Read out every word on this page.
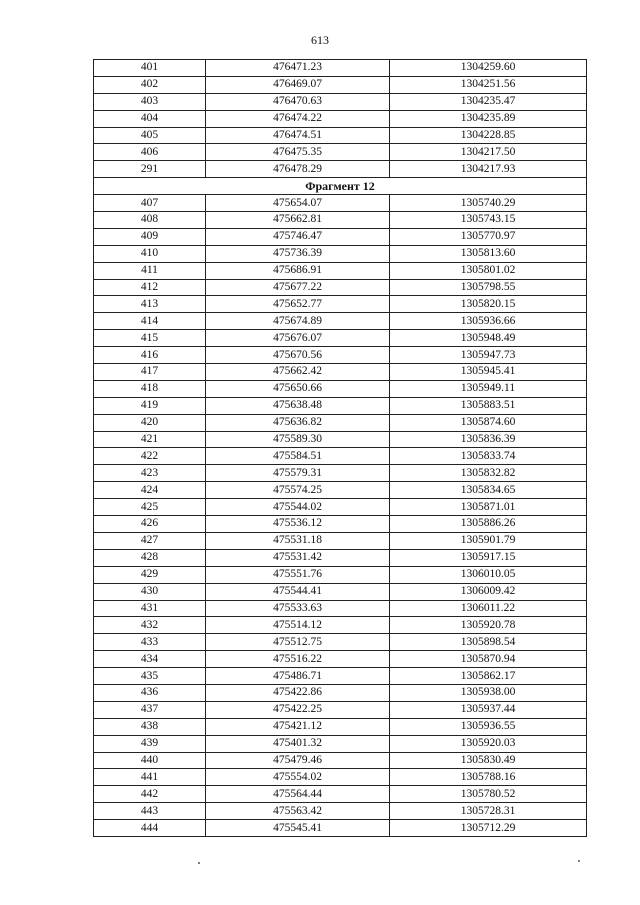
613
401	476471.23	1304259.60
402	476469.07	1304251.56
403	476470.63	1304235.47
404	476474.22	1304235.89
405	476474.51	1304228.85
406	476475.35	1304217.50
291	476478.29	1304217.93
Фрагмент 12		
407	475654.07	1305740.29
408	475662.81	1305743.15
409	475746.47	1305770.97
410	475736.39	1305813.60
411	475686.91	1305801.02
412	475677.22	1305798.55
413	475652.77	1305820.15
414	475674.89	1305936.66
415	475676.07	1305948.49
416	475670.56	1305947.73
417	475662.42	1305945.41
418	475650.66	1305949.11
419	475638.48	1305883.51
420	475636.82	1305874.60
421	475589.30	1305836.39
422	475584.51	1305833.74
423	475579.31	1305832.82
424	475574.25	1305834.65
425	475544.02	1305871.01
426	475536.12	1305886.26
427	475531.18	1305901.79
428	475531.42	1305917.15
429	475551.76	1306010.05
430	475544.41	1306009.42
431	475533.63	1306011.22
432	475514.12	1305920.78
433	475512.75	1305898.54
434	475516.22	1305870.94
435	475486.71	1305862.17
436	475422.86	1305938.00
437	475422.25	1305937.44
438	475421.12	1305936.55
439	475401.32	1305920.03
440	475479.46	1305830.49
441	475554.02	1305788.16
442	475564.44	1305780.52
443	475563.42	1305728.31
444	475545.41	1305712.29
